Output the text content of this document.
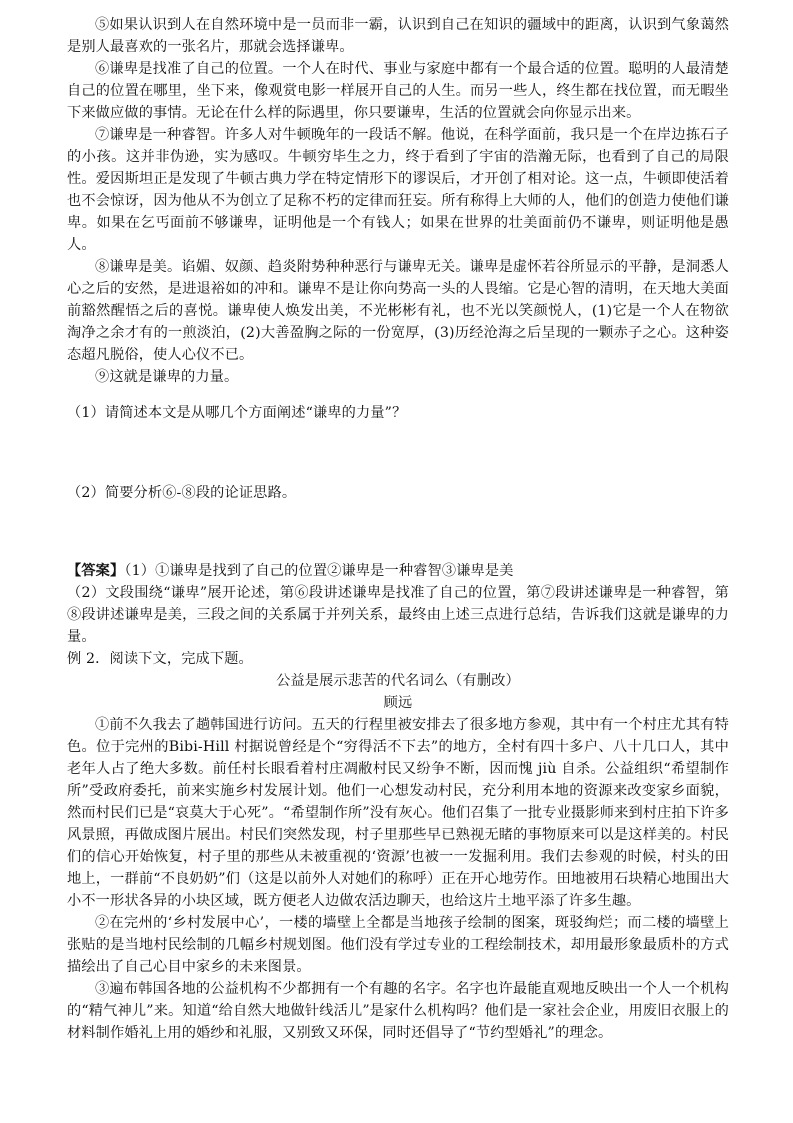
⑤如果认识到人在自然环境中是一员而非一霸，认识到自己在知识的疆域中的距离，认识到气象蔼然是别人最喜欢的一张名片，那就会选择谦卑。

⑥谦卑是找准了自己的位置。一个人在时代、事业与家庭中都有一个最合适的位置。聪明的人最清楚自己的位置在哪里，坐下来，像观赏电影一样展开自己的人生。而另一些人，终生都在找位置，而无暇坐下来做应做的事情。无论在什么样的际遇里，你只要谦卑，生活的位置就会向你显示出来。

⑦谦卑是一种睿智。许多人对牛顿晚年的一段话不解。他说，在科学面前，我只是一个在岸边拣石子的小孩。这并非伪逊，实为感叹。牛顿穷毕生之力，终于看到了宇宙的浩瀚无际，也看到了自己的局限性。爱因斯坦正是发现了牛顿古典力学在特定情形下的谬误后，才开创了相对论。这一点，牛顿即使活着也不会惊讶，因为他从不为创立了足称不朽的定律而狂妄。所有称得上大师的人，他们的创造力使他们谦卑。如果在乞丐面前不够谦卑，证明他是一个有钱人；如果在世界的壮美面前仍不谦卑，则证明他是愚人。

⑧谦卑是美。谄媚、奴颜、趋炎附势种种恶行与谦卑无关。谦卑是虚怀若谷所显示的平静，是洞悉人心之后的安然，是进退裕如的冲和。谦卑不是让你向势高一头的人畏缩。它是心智的清明，在天地大美面前豁然醒悟之后的喜悦。谦卑使人焕发出美，不光彬彬有礼，也不光以笑颜悦人，(1)它是一个人在物欲淘净之余才有的一煎淡泊，(2)大善盈胸之际的一份宽厚，(3)历经沧海之后呈现的一颗赤子之心。这种姿态超凡脱俗，使人心仪不已。

⑨这就是谦卑的力量。

（1）请简述本文是从哪几个方面阐述“谦卑的力量”？

（2）简要分析⑥-⑧段的论证思路。

【答案】（1）①谦卑是找到了自己的位置②谦卑是一种睿智③谦卑是美

（2）文段围绕“谦卑”展开论述，第⑥段讲述谦卑是找准了自己的位置，第⑦段讲述谦卑是一种睿智，第⑧段讲述谦卑是美，三段之间的关系属于并列关系，最终由上述三点进行总结，告诉我们这就是谦卑的力量。

例 2．阅读下文，完成下题。

公益是展示悲苦的代名词么（有删改）

顾远

①前不久我去了趟韩国进行访问。五天的行程里被安排去了很多地方参观，其中有一个村庄尤其有特色。位于完州的Bibi-Hill 村据说曾经是个“穷得活不下去”的地方，全村有四十多户、八十几口人，其中老年人占了绝大多数。前任村长眼看着村庄凋敝村民又纷争不断，因而愧 jiù 自杀。公益组织“希望制作所”受政府委托，前来实施乡村发展计划。他们一心想发动村民，充分利用本地的资源来改变家乡面貌，然而村民们已是“哀莫大于心死”。“希望制作所”没有灰心。他们召集了一批专业摄影师来到村庄拍下许多风景照，再做成图片展出。村民们突然发现，村子里那些早已熟视无睹的事物原来可以是这样美的。村民们的信心开始恢复，村子里的那些从未被重视的‘资源’也被一一发掘利用。我们去参观的时候，村头的田地上，一群前“不良奶奶”们（这是以前外人对她们的称呼）正在开心地劳作。田地被用石块精心地围出大小不一形状各异的小块区域，既方便老人边做农活边聊天，也给这片土地平添了许多生趣。

②在完州的‘乡村发展中心’，一楼的墙壁上全都是当地孩子绘制的图案，斑驳绚烂；而二楼的墙壁上张贴的是当地村民绘制的几幅乡村规划图。他们没有学过专业的工程绘制技术，却用最形象最质朴的方式描绘出了自己心目中家乡的未来图景。

③遍布韩国各地的公益机构不少都拥有一个有趣的名字。名字也许最能直观地反映出一个人一个机构的“精气神儿”来。知道“给自然大地做针线活儿”是家什么机构吗？他们是一家社会企业，用废旧衣服上的材料制作婚礼上用的婚纱和礼服，又别致又环保，同时还倡导了“节约型婚礼”的理念。
